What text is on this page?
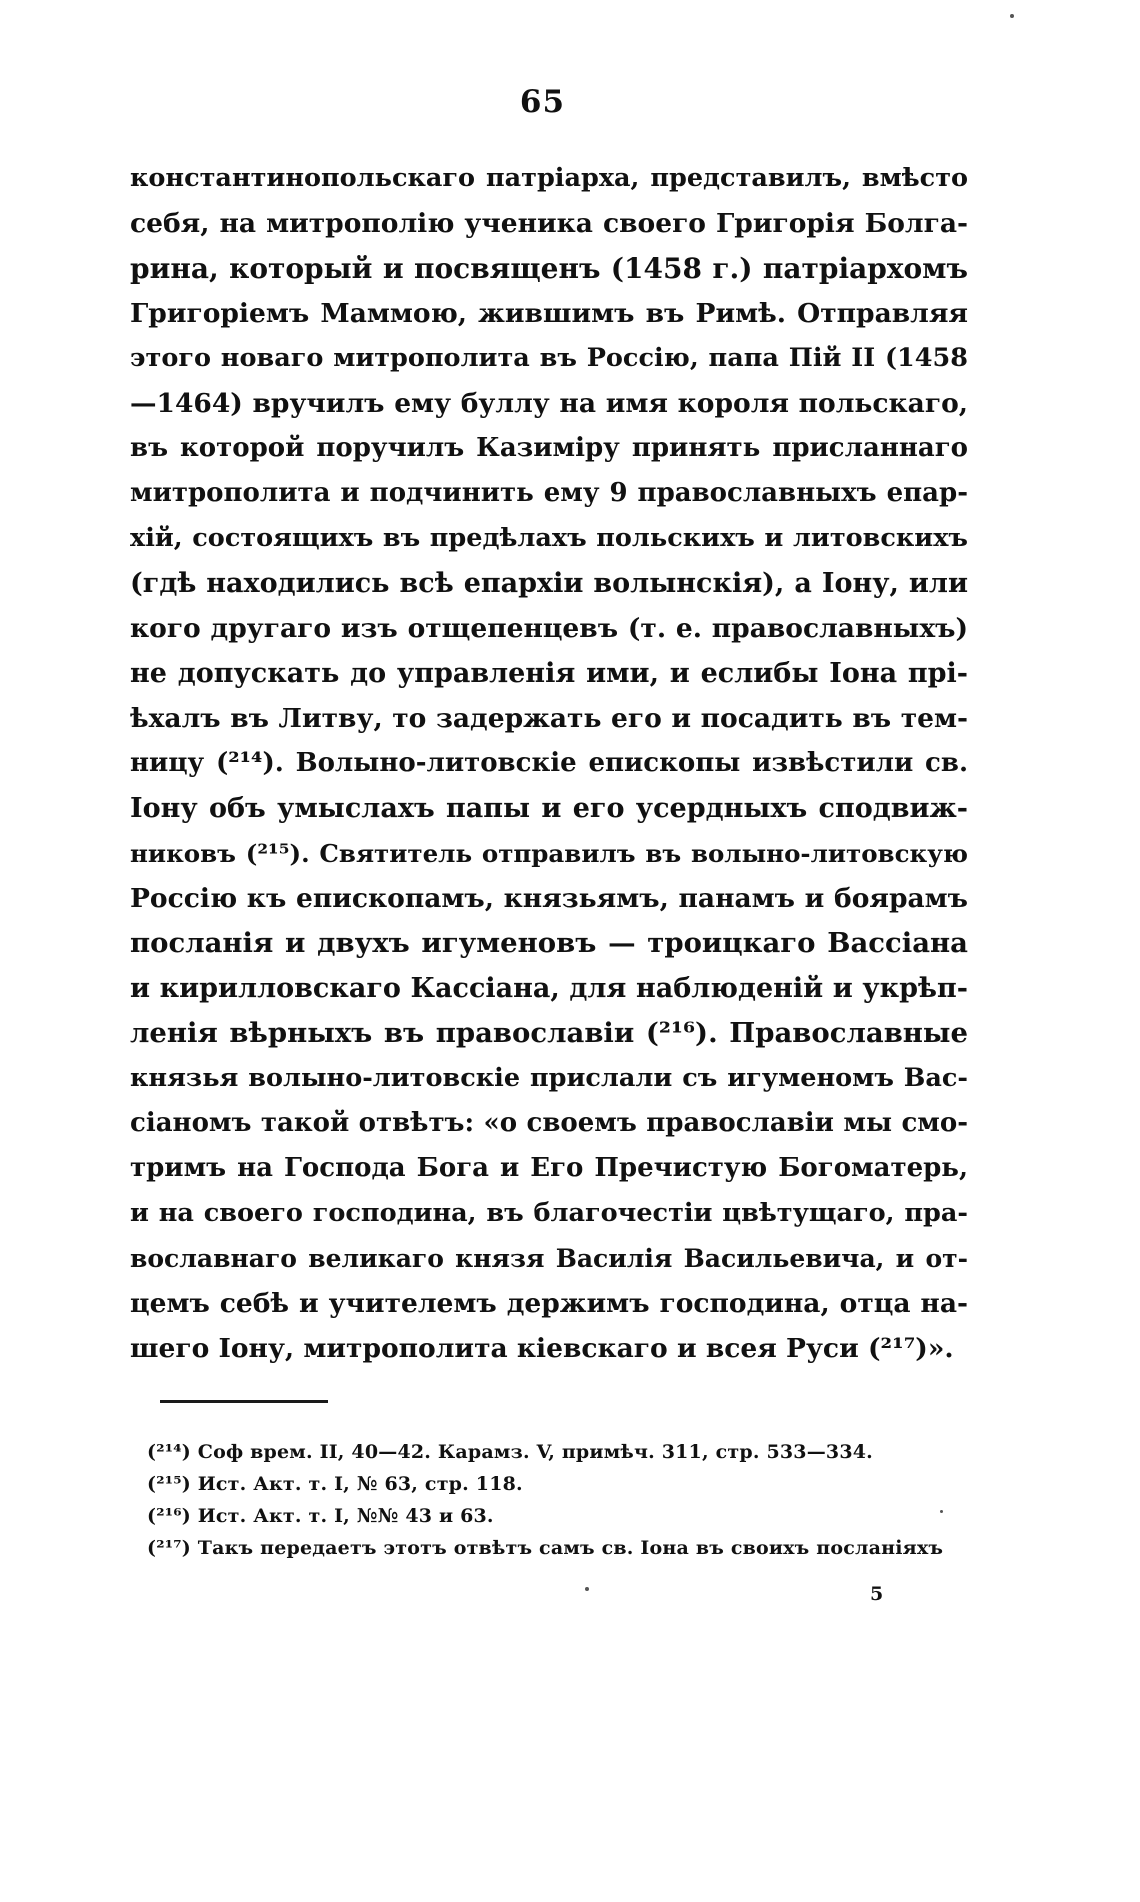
65
константинопольскаго патріарха, представилъ, вмѣсто
себя, на митрополію ученика своего Григорія Болга-
рина, который и посвященъ (1458 г.) патріархомъ
Григоріемъ Маммою, жившимъ въ Римѣ. Отправляя
этого новаго митрополита въ Россію, папа Пій II (1458
—1464) вручилъ ему буллу на имя короля польскаго,
въ которой поручилъ Казиміру принять присланнаго
митрополита и подчинить ему 9 православныхъ епар-
хій, состоящихъ въ предѣлахъ польскихъ и литовскихъ
(гдѣ находились всѣ епархіи волынскія), а Іону, или
кого другаго изъ отщепенцевъ (т. е. православныхъ)
не допускать до управленія ими, и еслибы Іона прі-
ѣхалъ въ Литву, то задержать его и посадить въ тем-
ницу (²¹⁴). Волыно-литовскіе епископы извѣстили св.
Іону объ умыслахъ папы и его усердныхъ сподвиж-
никовъ (²¹⁵). Святитель отправилъ въ волыно-литовскую
Россію къ епископамъ, князьямъ, панамъ и боярамъ
посланія и двухъ игуменовъ — троицкаго Вассіана
и кирилловскаго Кассіана, для наблюденій и укрѣп-
ленія вѣрныхъ въ православіи (²¹⁶). Православные
князья волыно-литовскіе прислали съ игуменомъ Вас-
сіаномъ такой отвѣтъ: «о своемъ православіи мы смо-
тримъ на Господа Бога и Его Пречистую Богоматерь,
и на своего господина, въ благочестіи цвѣтущаго, пра-
вославнаго великаго князя Василія Васильевича, и от-
цемъ себѣ и учителемъ держимъ господина, отца на-
шего Іону, митрополита кіевскаго и всея Руси (²¹⁷)».
(²¹⁴) Соф врем. II, 40—42. Карамз. V, примѣч. 311, стр. 533—334.
(²¹⁵) Ист. Акт. т. I, № 63, стр. 118.
(²¹⁶) Ист. Акт. т. I, №№ 43 и 63.
(²¹⁷) Такъ передаетъ этотъ отвѣтъ самъ св. Іона въ своихъ посланіяхъ
5
